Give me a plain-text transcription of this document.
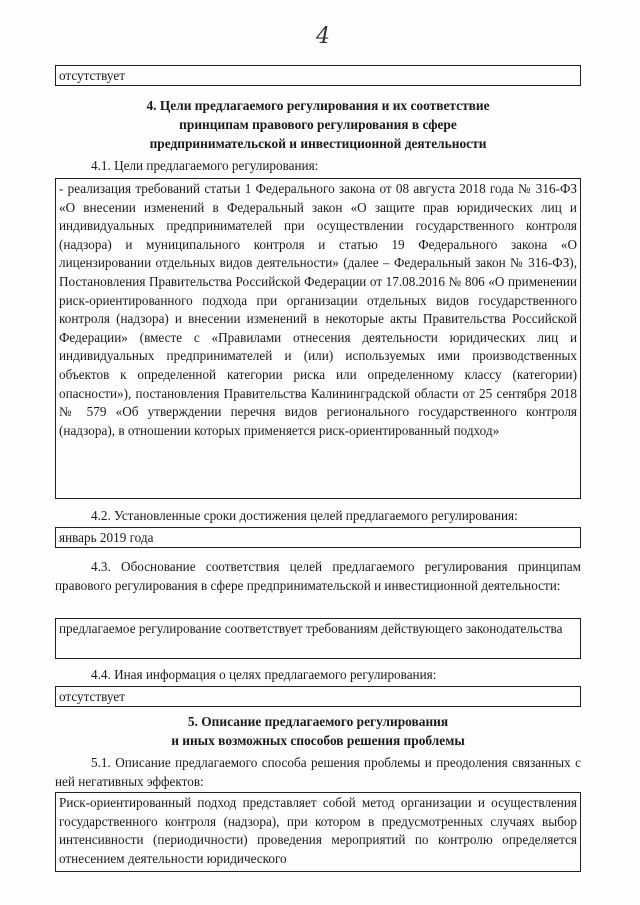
4
отсутствует
4. Цели предлагаемого регулирования и их соответствие
принципам правового регулирования в сфере
предпринимательской и инвестиционной деятельности
4.1. Цели предлагаемого регулирования:
- реализация требований статьи 1 Федерального закона от 08 августа 2018 года № 316-ФЗ «О внесении изменений в Федеральный закон «О защите прав юридических лиц и индивидуальных предпринимателей при осуществлении государственного контроля (надзора) и муниципального контроля и статью 19 Федерального закона «О лицензировании отдельных видов деятельности» (далее – Федеральный закон № 316-ФЗ), Постановления Правительства Российской Федерации от 17.08.2016 № 806 «О применении риск-ориентированного подхода при организации отдельных видов государственного контроля (надзора) и внесении изменений в некоторые акты Правительства Российской Федерации» (вместе с «Правилами отнесения деятельности юридических лиц и индивидуальных предпринимателей и (или) используемых ими производственных объектов к определенной категории риска или определенному классу (категории) опасности»), постановления Правительства Калининградской области от 25 сентября 2018 № 579 «Об утверждении перечня видов регионального государственного контроля (надзора), в отношении которых применяется риск-ориентированный подход»
4.2. Установленные сроки достижения целей предлагаемого регулирования:
январь 2019 года
4.3. Обоснование соответствия целей предлагаемого регулирования принципам правового регулирования в сфере предпринимательской и инвестиционной деятельности:
предлагаемое регулирование соответствует требованиям действующего законодательства
4.4. Иная информация о целях предлагаемого регулирования:
отсутствует
5. Описание предлагаемого регулирования
и иных возможных способов решения проблемы
5.1. Описание предлагаемого способа решения проблемы и преодоления связанных с ней негативных эффектов:
Риск-ориентированный подход представляет собой метод организации и осуществления государственного контроля (надзора), при котором в предусмотренных случаях выбор интенсивности (периодичности) проведения мероприятий по контролю определяется отнесением деятельности юридического
